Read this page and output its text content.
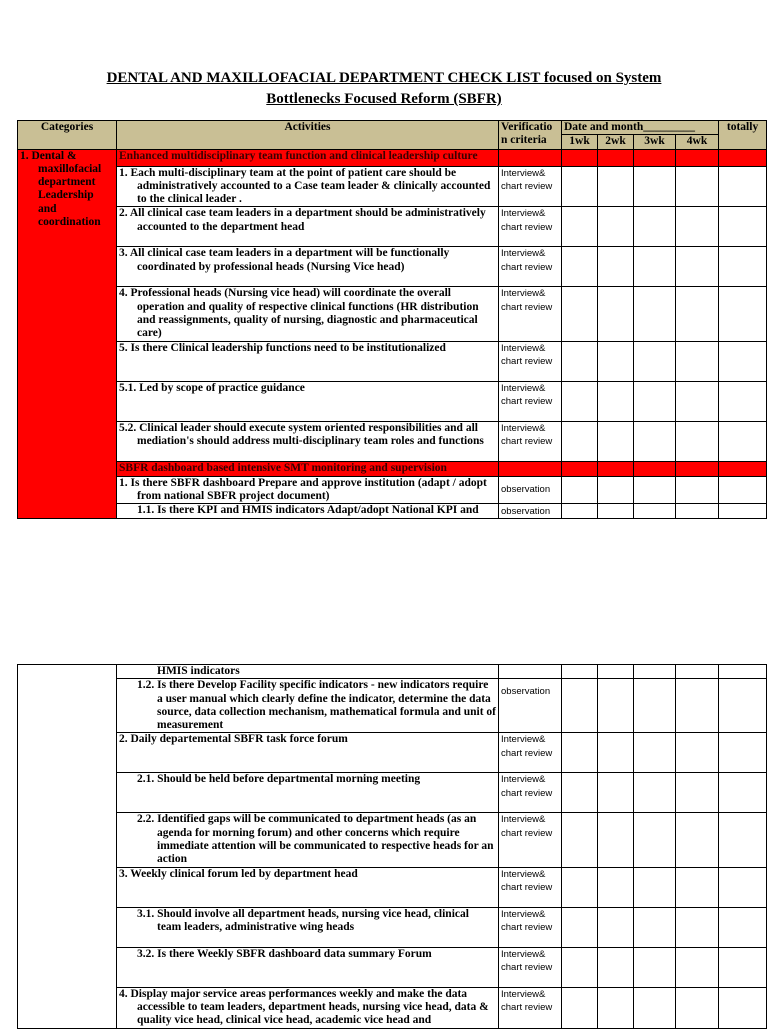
DENTAL AND MAXILLOFACIAL DEPARTMENT CHECK LIST focused on System
Bottlenecks Focused Reform (SBFR)
Categories	Activities	Verificatio n criteria	Date and month_________				totally
			1wk	2wk	3wk	4wk	
1. Dental & maxillofacial department Leadership and coordination	Enhanced multidisciplinary team function and clinical leadership culture						
	1. Each multi-disciplinary team at the point of patient care should be administratively accounted to a Case team leader & clinically accounted to the clinical leader .	Interview& chart review					
	2. All clinical case team leaders in a department should be administratively accounted to the department head	Interview& chart review					
	3. All clinical case team leaders in a department will be functionally coordinated by professional heads (Nursing Vice head)	Interview& chart review					
	4. Professional heads (Nursing vice head) will coordinate the overall operation and quality of respective clinical functions (HR distribution and reassignments, quality of nursing, diagnostic and pharmaceutical care)	Interview& chart review					
	5. Is there Clinical leadership functions need to be institutionalized	Interview& chart review					
	5.1. Led by scope of practice guidance	Interview& chart review					
	5.2. Clinical leader should execute system oriented responsibilities and all mediation's should address multi-disciplinary team roles and functions	Interview& chart review					
	SBFR dashboard based intensive SMT monitoring and supervision						
	1. Is there SBFR dashboard Prepare and approve institution (adapt / adopt from national SBFR project document)	observation					
	1.1. Is there KPI and HMIS indicators Adapt/adopt National KPI and	observation					
	HMIS indicators						
	1.2. Is there Develop Facility specific indicators - new indicators require a user manual which clearly define the indicator, determine the data source, data collection mechanism, mathematical formula and unit of measurement	observation					
	2. Daily departemental SBFR task force forum	Interview& chart review					
	2.1. Should be held before departmental morning meeting	Interview& chart review					
	2.2. Identified gaps will be communicated to department heads (as an agenda for morning forum) and other concerns which require immediate attention will be communicated to respective heads for an action	Interview& chart review					
	3. Weekly clinical forum led by department head	Interview& chart review					
	3.1. Should involve all department heads, nursing vice head, clinical team leaders, administrative wing heads	Interview& chart review					
	3.2. Is there Weekly SBFR dashboard data summary Forum	Interview& chart review					
	4. Display major service areas performances weekly and make the data accessible to team leaders, department heads, nursing vice head, data & quality vice head, clinical vice head, academic vice head and	Interview& chart review					
